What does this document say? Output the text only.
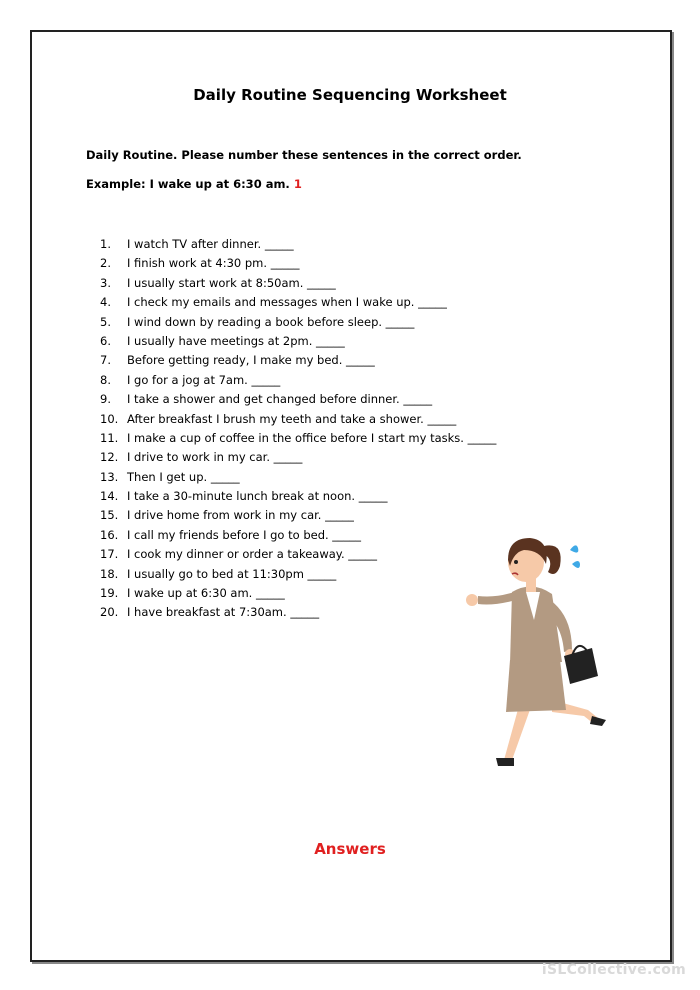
Daily Routine Sequencing Worksheet
Daily Routine. Please number these sentences in the correct order.
Example: I wake up at 6:30 am. 1
1. I watch TV after dinner. _____
2. I finish work at 4:30 pm. _____
3. I usually start work at 8:50am. _____
4. I check my emails and messages when I wake up. _____
5. I wind down by reading a book before sleep. _____
6. I usually have meetings at 2pm. _____
7. Before getting ready, I make my bed. _____
8. I go for a jog at 7am. _____
9. I take a shower and get changed before dinner. _____
10. After breakfast I brush my teeth and take a shower. _____
11. I make a cup of coffee in the office before I start my tasks. _____
12. I drive to work in my car. _____
13. Then I get up. _____
14. I take a 30-minute lunch break at noon. _____
15. I drive home from work in my car. _____
16. I call my friends before I go to bed. _____
17. I cook my dinner or order a takeaway. _____
18. I usually go to bed at 11:30pm _____
19. I wake up at 6:30 am. _____
20. I have breakfast at 7:30am. _____
Answers
iSLCollective.com
